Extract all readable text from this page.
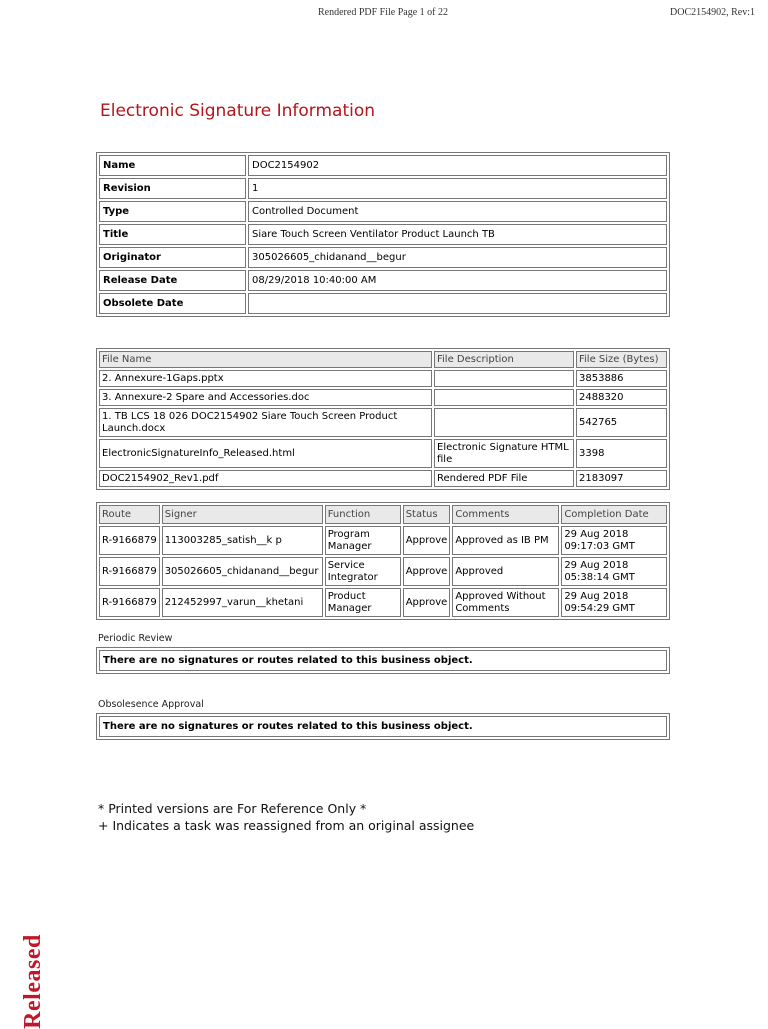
Rendered PDF File Page 1 of 22	DOC2154902, Rev:1
Electronic Signature Information
Name	DOC2154902
Revision	1
Type	Controlled Document
Title	Siare Touch Screen Ventilator Product Launch TB
Originator	305026605_chidanand__begur
Release Date	08/29/2018 10:40:00 AM
Obsolete Date	
File Name	File Description	File Size (Bytes)
2. Annexure-1Gaps.pptx		3853886
3. Annexure-2 Spare and Accessories.doc		2488320
1. TB LCS 18 026 DOC2154902 Siare Touch Screen Product Launch.docx		542765
ElectronicSignatureInfo_Released.html	Electronic Signature HTML file	3398
DOC2154902_Rev1.pdf	Rendered PDF File	2183097
Route	Signer	Function	Status	Comments	Completion Date
R-9166879	113003285_satish__k p	Program Manager	Approve	Approved as IB PM	29 Aug 2018 09:17:03 GMT
R-9166879	305026605_chidanand__begur	Service Integrator	Approve	Approved	29 Aug 2018 05:38:14 GMT
R-9166879	212452997_varun__khetani	Product Manager	Approve	Approved Without Comments	29 Aug 2018 09:54:29 GMT
Periodic Review
There are no signatures or routes related to this business object.
Obsolesence Approval
There are no signatures or routes related to this business object.
* Printed versions are For Reference Only *
+ Indicates a task was reassigned from an original assignee
Released
